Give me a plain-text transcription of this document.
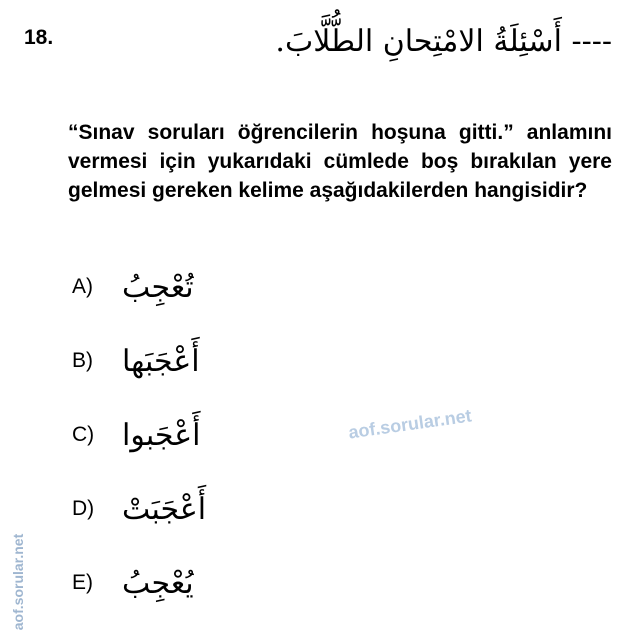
18.	---- أَسْئِلَةُ الامْتِحانِ الطُّلَّابَ.
“Sınav soruları öğrencilerin hoşuna gitti.” anlamını vermesi için yukarıdaki cümlede boş bırakılan yere gelmesi gereken kelime aşağıdakilerden hangisidir?
A) تُعْجِبُ
B) أَعْجَبَها
C) أَعْجَبوا
D) أَعْجَبَتْ
E) يُعْجِبُ
aof.sorular.net
aof.sorular.net
